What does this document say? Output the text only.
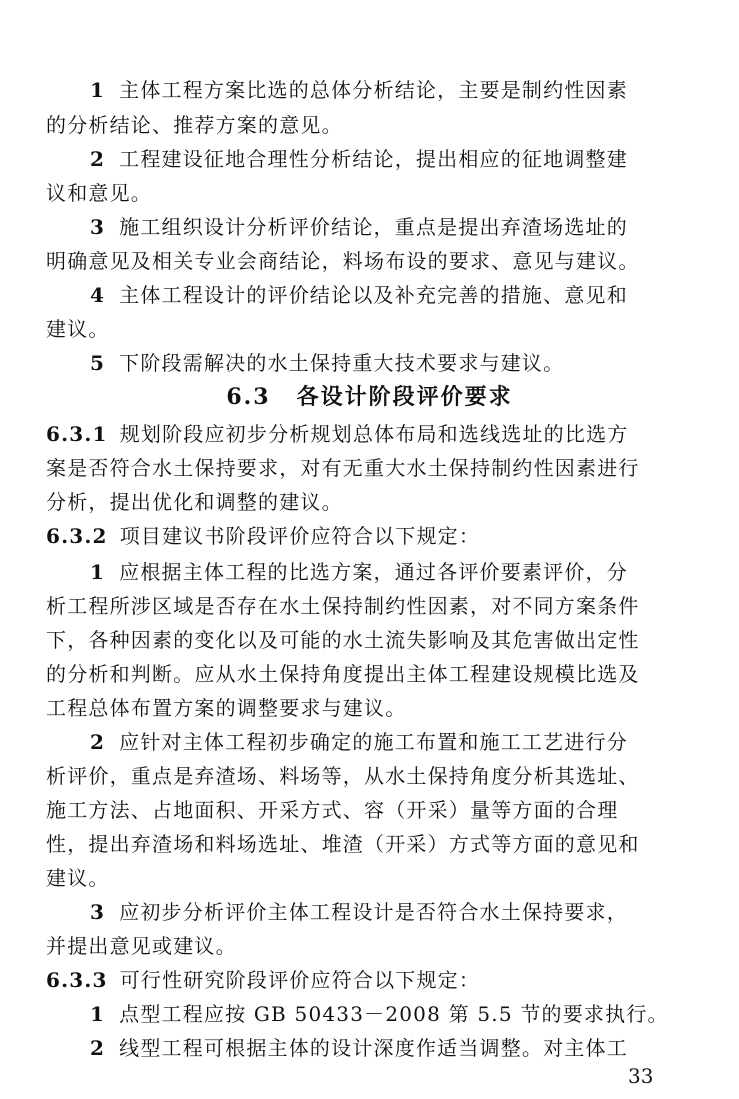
1 主体工程方案比选的总体分析结论，主要是制约性因素
的分析结论、推荐方案的意见。
2 工程建设征地合理性分析结论，提出相应的征地调整建
议和意见。
3 施工组织设计分析评价结论，重点是提出弃渣场选址的
明确意见及相关专业会商结论，料场布设的要求、意见与建议。
4 主体工程设计的评价结论以及补充完善的措施、意见和
建议。
5 下阶段需解决的水土保持重大技术要求与建议。
6.3 各设计阶段评价要求
6.3.1 规划阶段应初步分析规划总体布局和选线选址的比选方
案是否符合水土保持要求，对有无重大水土保持制约性因素进行
分析，提出优化和调整的建议。
6.3.2 项目建议书阶段评价应符合以下规定：
1 应根据主体工程的比选方案，通过各评价要素评价，分
析工程所涉区域是否存在水土保持制约性因素，对不同方案条件
下，各种因素的变化以及可能的水土流失影响及其危害做出定性
的分析和判断。应从水土保持角度提出主体工程建设规模比选及
工程总体布置方案的调整要求与建议。
2 应针对主体工程初步确定的施工布置和施工工艺进行分
析评价，重点是弃渣场、料场等，从水土保持角度分析其选址、
施工方法、占地面积、开采方式、容（开采）量等方面的合理
性，提出弃渣场和料场选址、堆渣（开采）方式等方面的意见和
建议。
3 应初步分析评价主体工程设计是否符合水土保持要求，
并提出意见或建议。
6.3.3 可行性研究阶段评价应符合以下规定：
1 点型工程应按 GB 50433－2008 第 5.5 节的要求执行。
2 线型工程可根据主体的设计深度作适当调整。对主体工
33
